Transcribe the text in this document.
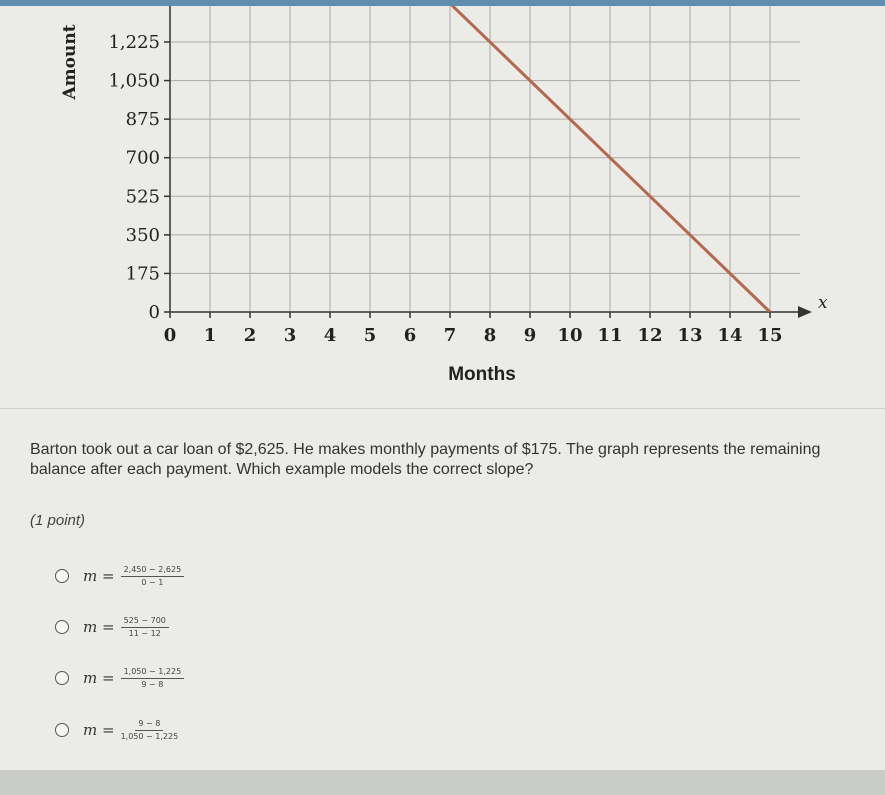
0
175
350
525
700
875
1,050
1,225
0 1 2 3 4 5 6 7 8 9 10 11 12 13 14 15
Amount
Months
x
Barton took out a car loan of $2,625. He makes monthly payments of $175. The graph represents the remaining balance after each payment. Which example models the correct slope?
(1 point)
$m = \frac{2,450 - 2,625}{0 - 1}$
$m = \frac{525 - 700}{11 - 12}$
$m = \frac{1,050 - 1,225}{9 - 8}$
$m = \frac{9 - 8}{1,050 - 1,225}$
